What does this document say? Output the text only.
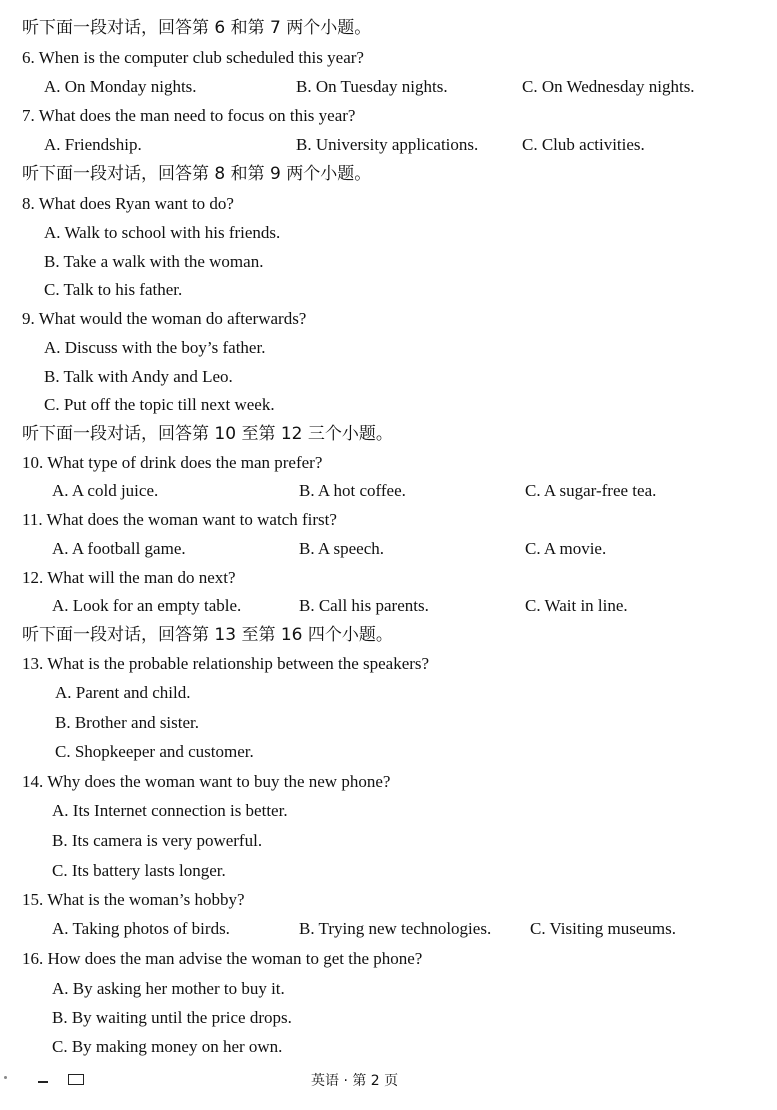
听下面一段对话，回答第 6 和第 7 两个小题。
6. When is the computer club scheduled this year?
A. On Monday nights.	B. On Tuesday nights.	C. On Wednesday nights.
7. What does the man need to focus on this year?
A. Friendship.	B. University applications.	C. Club activities.
听下面一段对话，回答第 8 和第 9 两个小题。
8. What does Ryan want to do?
A. Walk to school with his friends.
B. Take a walk with the woman.
C. Talk to his father.
9. What would the woman do afterwards?
A. Discuss with the boy’s father.
B. Talk with Andy and Leo.
C. Put off the topic till next week.
听下面一段对话，回答第 10 至第 12 三个小题。
10. What type of drink does the man prefer?
A. A cold juice.	B. A hot coffee.	C. A sugar-free tea.
11. What does the woman want to watch first?
A. A football game.	B. A speech.	C. A movie.
12. What will the man do next?
A. Look for an empty table.	B. Call his parents.	C. Wait in line.
听下面一段对话，回答第 13 至第 16 四个小题。
13. What is the probable relationship between the speakers?
A. Parent and child.
B. Brother and sister.
C. Shopkeeper and customer.
14. Why does the woman want to buy the new phone?
A. Its Internet connection is better.
B. Its camera is very powerful.
C. Its battery lasts longer.
15. What is the woman’s hobby?
A. Taking photos of birds.	B. Trying new technologies. C. Visiting museums.
16. How does the man advise the woman to get the phone?
A. By asking her mother to buy it.
B. By waiting until the price drops.
C. By making money on her own.
英语 · 第 2 页
